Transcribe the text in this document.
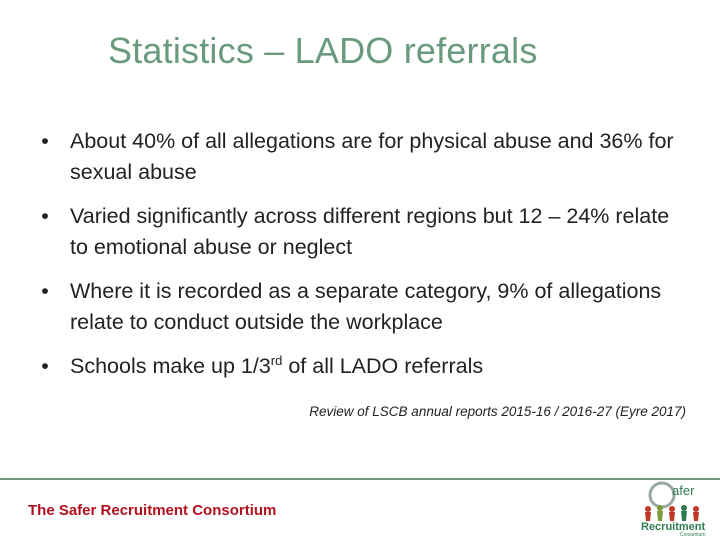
Statistics – LADO referrals
• About 40% of all allegations are for physical abuse and 36% for sexual abuse
• Varied significantly across different regions but 12 – 24% relate to emotional abuse or neglect
• Where it is recorded as a separate category, 9% of allegations relate to conduct outside the workplace
• Schools make up 1/3rd of all LADO referrals
Review of LSCB annual reports 2015-16 / 2016-27 (Eyre 2017)
The Safer Recruitment Consortium
afer
Recruitment
Consortium
